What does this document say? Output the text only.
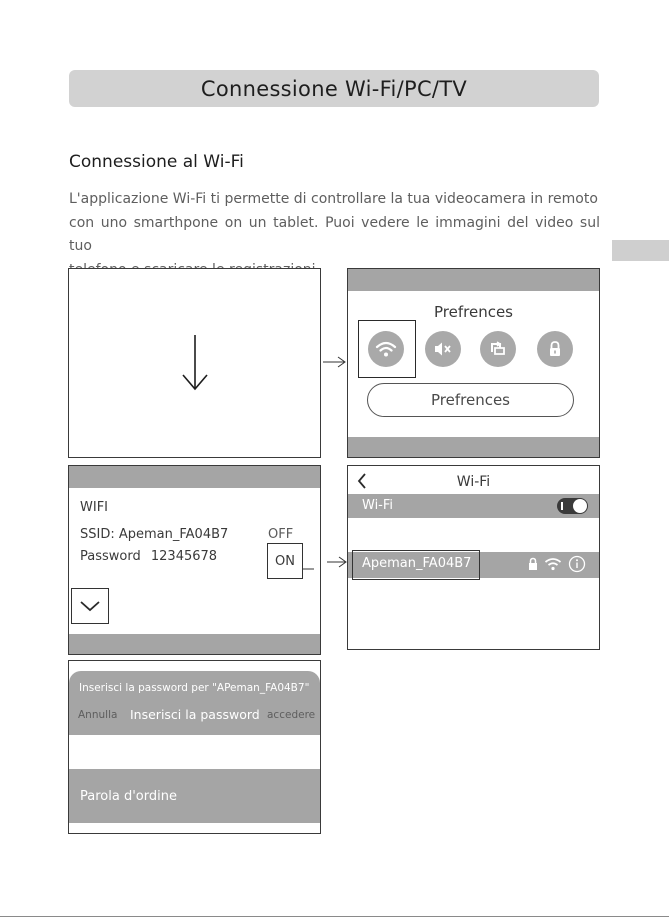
Connessione Wi-Fi/PC/TV
Connessione al Wi-Fi
L'applicazione Wi-Fi ti permette di controllare la tua videocamera in remoto
con uno smarthpone on un tablet. Puoi vedere le immagini del video sul tuo
Prefrences
Prefrences
WIFI
SSID: Apeman_FA04B7
Password 12345678
OFF
ON
Wi-Fi
Wi-Fi
Apeman_FA04B7
Inserisci la password per "APeman_FA04B7"
Annulla Inserisci la password accedere
Parola d'ordine
